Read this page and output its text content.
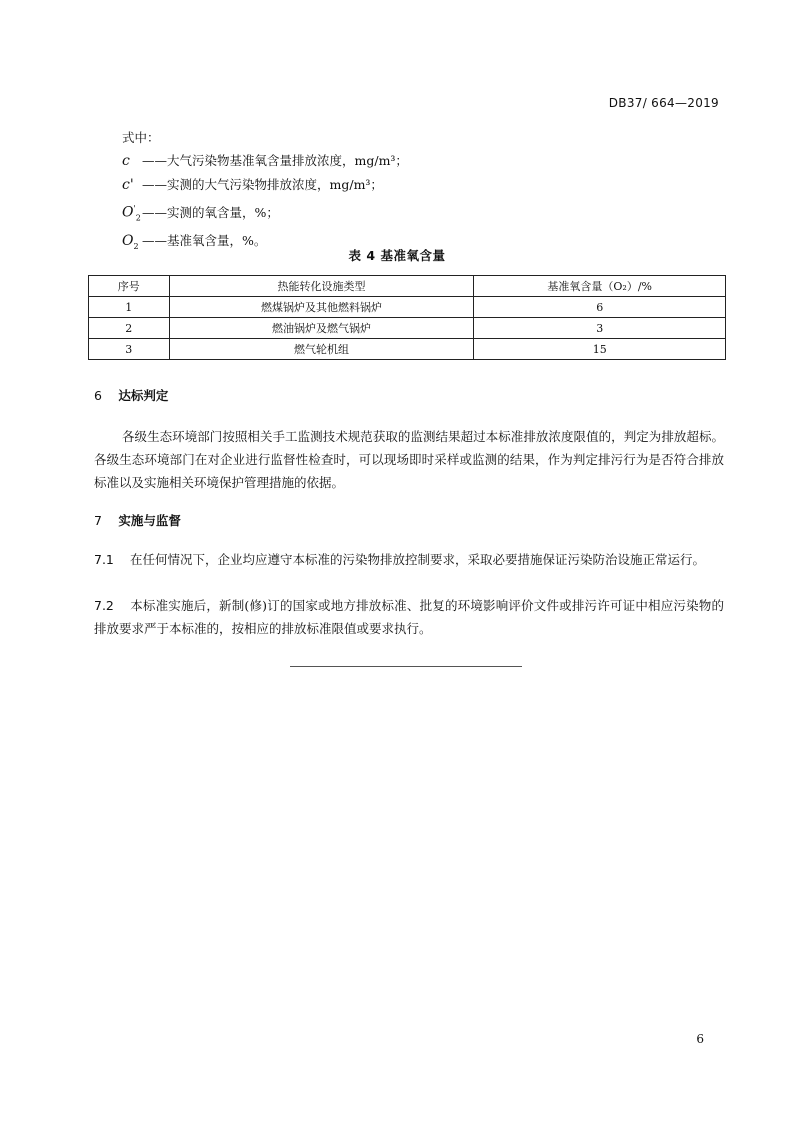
DB37/ 664—2019
式中：
c ——大气污染物基准氧含量排放浓度，mg/m³；
c' ——实测的大气污染物排放浓度，mg/m³；
$O'_2$ ——实测的氧含量，%；
$O_2$ ——基准氧含量，%。
表 4 基准氧含量
序号	热能转化设施类型	基准氧含量（O₂）/%
1	燃煤锅炉及其他燃料锅炉	6
2	燃油锅炉及燃气锅炉	3
3	燃气轮机组	15
6 达标判定
各级生态环境部门按照相关手工监测技术规范获取的监测结果超过本标准排放浓度限值的，判定为排放超标。各级生态环境部门在对企业进行监督性检查时，可以现场即时采样或监测的结果，作为判定排污行为是否符合排放标准以及实施相关环境保护管理措施的依据。
7 实施与监督
7.1 在任何情况下，企业均应遵守本标准的污染物排放控制要求，采取必要措施保证污染防治设施正常运行。
7.2 本标准实施后，新制(修)订的国家或地方排放标准、批复的环境影响评价文件或排污许可证中相应污染物的排放要求严于本标准的，按相应的排放标准限值或要求执行。
6
